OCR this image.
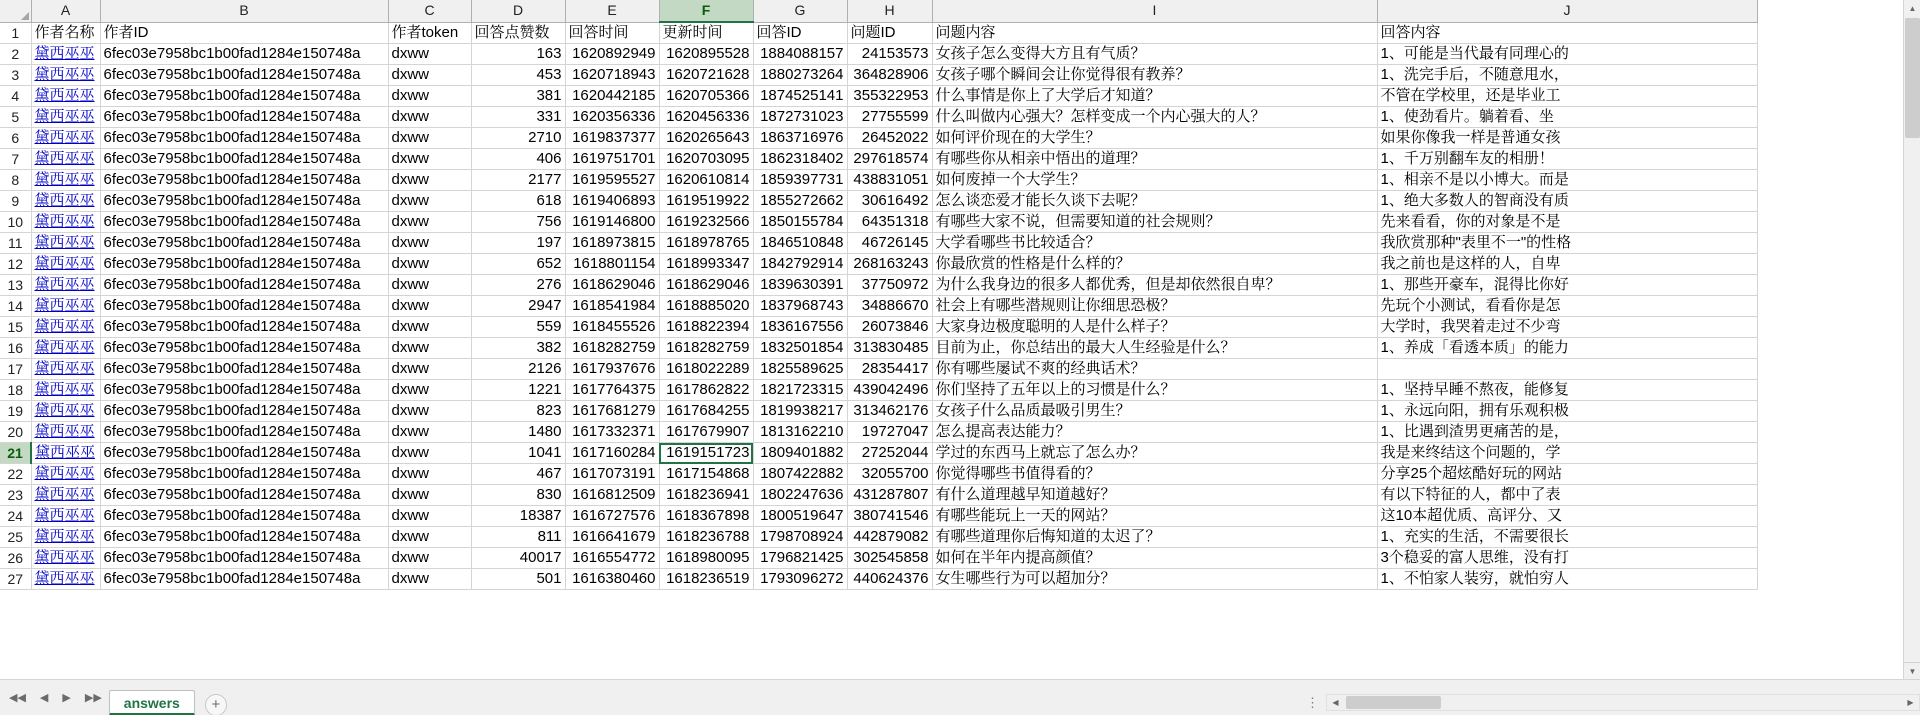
	A	B	C	D	E	F	G	H	I	J
1	作者名称	作者ID	作者token	回答点赞数	回答时间	更新时间	回答ID	问题ID	问题内容	回答内容
2	黛西巫巫	6fec03e7958bc1b00fad1284e150748a	dxww	163	1620892949	1620895528	1884088157	24153573	女孩子怎么变得大方且有气质？	1、可能是当代最有同理心的
3	黛西巫巫	6fec03e7958bc1b00fad1284e150748a	dxww	453	1620718943	1620721628	1880273264	364828906	女孩子哪个瞬间会让你觉得很有教养？	1、洗完手后，不随意甩水，
4	黛西巫巫	6fec03e7958bc1b00fad1284e150748a	dxww	381	1620442185	1620705366	1874525141	355322953	什么事情是你上了大学后才知道？	不管在学校里，还是毕业工
5	黛西巫巫	6fec03e7958bc1b00fad1284e150748a	dxww	331	1620356336	1620456336	1872731023	27755599	什么叫做内心强大？怎样变成一个内心强大的人？	1、使劲看片。躺着看、坐
6	黛西巫巫	6fec03e7958bc1b00fad1284e150748a	dxww	2710	1619837377	1620265643	1863716976	26452022	如何评价现在的大学生？	如果你像我一样是普通女孩
7	黛西巫巫	6fec03e7958bc1b00fad1284e150748a	dxww	406	1619751701	1620703095	1862318402	297618574	有哪些你从相亲中悟出的道理？	1、千万别翻车友的相册！
8	黛西巫巫	6fec03e7958bc1b00fad1284e150748a	dxww	2177	1619595527	1620610814	1859397731	438831051	如何废掉一个大学生？	1、相亲不是以小博大。而是
9	黛西巫巫	6fec03e7958bc1b00fad1284e150748a	dxww	618	1619406893	1619519922	1855272662	30616492	怎么谈恋爱才能长久谈下去呢？	1、绝大多数人的智商没有质
10	黛西巫巫	6fec03e7958bc1b00fad1284e150748a	dxww	756	1619146800	1619232566	1850155784	64351318	有哪些大家不说，但需要知道的社会规则？	先来看看，你的对象是不是
11	黛西巫巫	6fec03e7958bc1b00fad1284e150748a	dxww	197	1618973815	1618978765	1846510848	46726145	大学看哪些书比较适合？	我欣赏那种"表里不一"的性格
12	黛西巫巫	6fec03e7958bc1b00fad1284e150748a	dxww	652	1618801154	1618993347	1842792914	268163243	你最欣赏的性格是什么样的？	我之前也是这样的人，自卑
13	黛西巫巫	6fec03e7958bc1b00fad1284e150748a	dxww	276	1618629046	1618629046	1839630391	37750972	为什么我身边的很多人都优秀，但是却依然很自卑？	1、那些开豪车，混得比你好
14	黛西巫巫	6fec03e7958bc1b00fad1284e150748a	dxww	2947	1618541984	1618885020	1837968743	34886670	社会上有哪些潜规则让你细思恐极？	先玩个小测试，看看你是怎
15	黛西巫巫	6fec03e7958bc1b00fad1284e150748a	dxww	559	1618455526	1618822394	1836167556	26073846	大家身边极度聪明的人是什么样子？	大学时，我哭着走过不少弯
16	黛西巫巫	6fec03e7958bc1b00fad1284e150748a	dxww	382	1618282759	1618282759	1832501854	313830485	目前为止，你总结出的最大人生经验是什么？	1、养成「看透本质」的能力
17	黛西巫巫	6fec03e7958bc1b00fad1284e150748a	dxww	2126	1617937676	1618022289	1825589625	28354417	你有哪些屡试不爽的经典话术？	
18	黛西巫巫	6fec03e7958bc1b00fad1284e150748a	dxww	1221	1617764375	1617862822	1821723315	439042496	你们坚持了五年以上的习惯是什么？	1、坚持早睡不熬夜，能修复
19	黛西巫巫	6fec03e7958bc1b00fad1284e150748a	dxww	823	1617681279	1617684255	1819938217	313462176	女孩子什么品质最吸引男生？	1、永远向阳，拥有乐观积极
20	黛西巫巫	6fec03e7958bc1b00fad1284e150748a	dxww	1480	1617332371	1617679907	1813162210	19727047	怎么提高表达能力？	1、比遇到渣男更痛苦的是，
21	黛西巫巫	6fec03e7958bc1b00fad1284e150748a	dxww	1041	1617160284	1619151723	1809401882	27252044	学过的东西马上就忘了怎么办？	我是来终结这个问题的，学
22	黛西巫巫	6fec03e7958bc1b00fad1284e150748a	dxww	467	1617073191	1617154868	1807422882	32055700	你觉得哪些书值得看的？	分享25个超炫酷好玩的网站
23	黛西巫巫	6fec03e7958bc1b00fad1284e150748a	dxww	830	1616812509	1618236941	1802247636	431287807	有什么道理越早知道越好？	有以下特征的人，都中了表
24	黛西巫巫	6fec03e7958bc1b00fad1284e150748a	dxww	18387	1616727576	1618367898	1800519647	380741546	有哪些能玩上一天的网站？	这10本超优质、高评分、又
25	黛西巫巫	6fec03e7958bc1b00fad1284e150748a	dxww	811	1616641679	1618236788	1798708924	442879082	有哪些道理你后悔知道的太迟了？	1、充实的生活，不需要很长
26	黛西巫巫	6fec03e7958bc1b00fad1284e150748a	dxww	40017	1616554772	1618980095	1796821425	302545858	如何在半年内提高颜值？	3个稳妥的富人思维，没有打
27	黛西巫巫	6fec03e7958bc1b00fad1284e150748a	dxww	501	1616380460	1618236519	1793096272	440624376	女生哪些行为可以超加分？	1、不怕家人装穷，就怕穷人
▲
▼
◀◀ ◀ ▶ ▶▶	answers	+	⋮	◀	▶
